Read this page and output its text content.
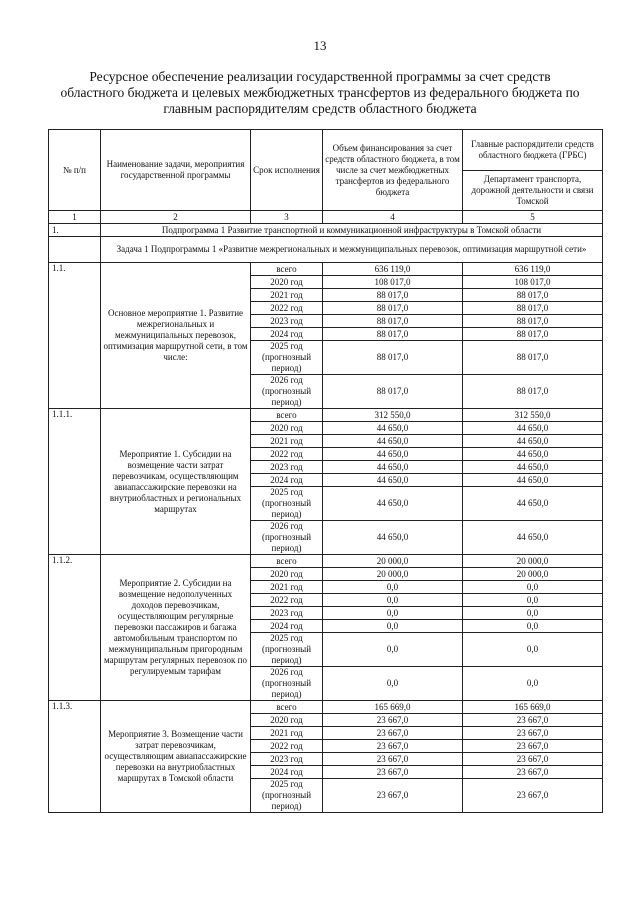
13
Ресурсное обеспечение реализации государственной программы за счет средств областного бюджета и целевых межбюджетных трансфертов из федерального бюджета по главным распорядителям средств областного бюджета
№ п/п	Наименование задачи, мероприятия государственной программы	Срок исполнения	Объем финансирования за счет средств областного бюджета, в том числе за счет межбюджетных трансфертов из федерального бюджета	Главные распорядители средств областного бюджета (ГРБС)
				Департамент транспорта, дорожной деятельности и связи Томской
1	2	3	4	5
1.	Подпрограмма 1 Развитие транспортной и коммуникационной инфраструктуры в Томской области			
	Задача 1 Подпрограммы 1 «Развитие межрегиональных и межмуниципальных перевозок, оптимизация маршрутной сети»			
1.1.	Основное мероприятие 1. Развитие межрегиональных и межмуниципальных перевозок, оптимизация маршрутной сети, в том числе:	всего	636 119,0	636 119,0
		2020 год	108 017,0	108 017,0
		2021 год	88 017,0	88 017,0
		2022 год	88 017,0	88 017,0
		2023 год	88 017,0	88 017,0
		2024 год	88 017,0	88 017,0
		2025 год (прогнозный период)	88 017,0	88 017,0
		2026 год (прогнозный период)	88 017,0	88 017,0
1.1.1.	Мероприятие 1. Субсидии на возмещение части затрат перевозчикам, осуществляющим авиапассажирские перевозки на внутриобластных и региональных маршрутах	всего	312 550,0	312 550,0
		2020 год	44 650,0	44 650,0
		2021 год	44 650,0	44 650,0
		2022 год	44 650,0	44 650,0
		2023 год	44 650,0	44 650,0
		2024 год	44 650,0	44 650,0
		2025 год (прогнозный период)	44 650,0	44 650,0
		2026 год (прогнозный период)	44 650,0	44 650,0
1.1.2.	Мероприятие 2. Субсидии на возмещение недополученных доходов перевозчикам, осуществляющим регулярные перевозки пассажиров и багажа автомобильным транспортом по межмуниципальным пригородным маршрутам регулярных перевозок по регулируемым тарифам	всего	20 000,0	20 000,0
		2020 год	20 000,0	20 000,0
		2021 год	0,0	0,0
		2022 год	0,0	0,0
		2023 год	0,0	0,0
		2024 год	0,0	0,0
		2025 год (прогнозный период)	0,0	0,0
		2026 год (прогнозный период)	0,0	0,0
1.1.3.	Мероприятие 3. Возмещение части затрат перевозчикам, осуществляющим авиапассажирские перевозки на внутриобластных маршрутах в Томской области	всего	165 669,0	165 669,0
		2020 год	23 667,0	23 667,0
		2021 год	23 667,0	23 667,0
		2022 год	23 667,0	23 667,0
		2023 год	23 667,0	23 667,0
		2024 год	23 667,0	23 667,0
		2025 год (прогнозный период)	23 667,0	23 667,0
